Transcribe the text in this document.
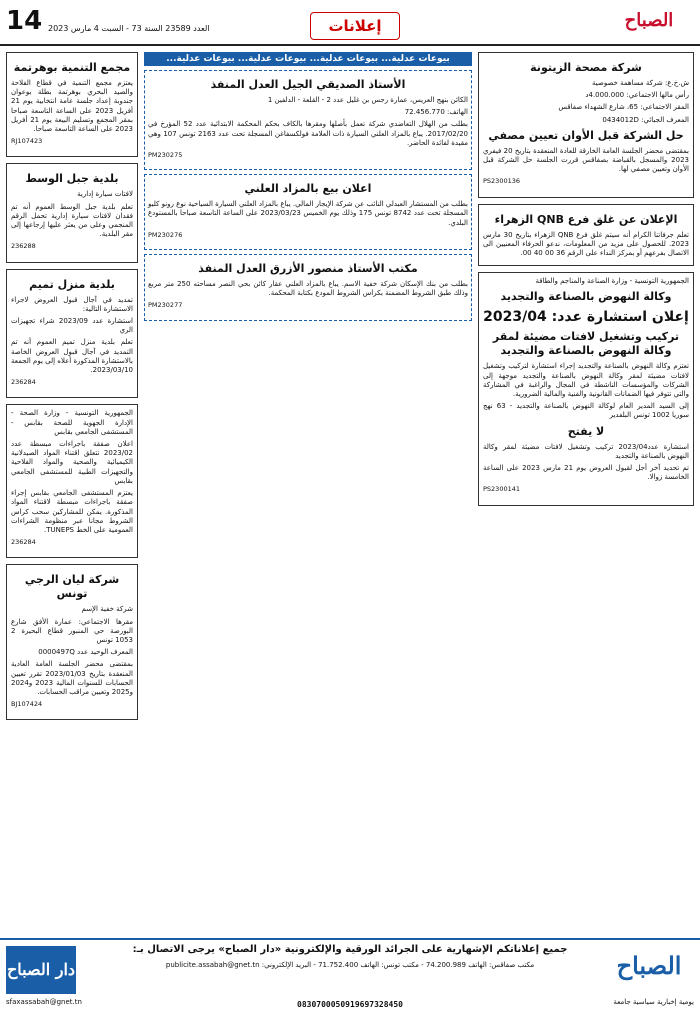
14 العدد 23589 السنة 73 - السبت 4 مارس 2023	إعلانات	الصباح
شركة مصحة الزيتونة

ش.خ.ع: شركة مساهمة خصوصية

رأس مالها الاجتماعي: 4.000.000د

المقر الاجتماعي: 65، شارع الشهداء صفاقس

المعرف الجبائي: 0434012D

حل الشركة قبل الأوان تعيين مصفي

بمقتضى محضر الجلسة العامة الخارقة للعادة المنعقدة بتاريخ 20 فيفري 2023 والمسجل بالقباضة بصفاقس قررت الجلسة حل الشركة قبل الأوان وتعيين مصفي لها.

PS2300136
الإعلان عن غلق فرع QNB الزهراء

تعلم جرفاتنا الكرام أنه سيتم غلق فرع QNB الزهراء بتاريخ 30 مارس 2023. للحصول على مزيد من المعلومات، ندعو الحرفاء المعنيين الى الاتصال بفرعهم أو بمركز النداء على الرقم 36 00 40 00.

الجمهورية التونسية - وزارة الصناعة والمناجم والطاقة

وكالة النهوض بالصناعة والتجديد
إعلان استشارة عدد: 2023/04
تركيب وتشغيل لافتات مضيئة لمقر وكالة النهوض بالصناعة والتجديد

تعتزم وكالة النهوض بالصناعة والتجديد إجراء استشارة لتركيب وتشغيل لافتات مضيئة لمقر وكالة النهوض بالصناعة والتجديد موجهة إلى الشركات والمؤسسات الناشطة في المجال والراغبة في المشاركة والتي تتوفر فيها الضمانات القانونية والفنية والمالية الضرورية.

إلى السيد المدير العام لوكالة النهوض بالصناعة والتجديد - 63 نهج سوريا 1002 تونس البلفدير

لا يفتح

استشارة عدد2023/04 تركيب وتشغيل لافتات مضيئة لمقر وكالة النهوض بالصناعة والتجديد

تم تحديد آخر أجل لقبول العروض يوم 21 مارس 2023 على الساعة الخامسة زوالا.

PS2300141
بيوعات عدلية... بيوعات عدلية... بيوعات عدلية... بيوعات عدلية...
الأستاذ الصديقي الجيل العدل المنفذ

الكائن بنهج العريس، عمارة رجس بن غليل عدد 2 - القلعة - الدلفين 1

الهاتف: 72.456.770

بطلب من الهلال التعاضدي شركة تعمل بأصلها ومقرها بالكاف بحكم المحكمة الابتدائية عدد 52 المؤرخ في 2017/02/20. يباع بالمزاد العلني السيارة ذات العلامة فولكسفاغن المسجلة تحت عدد 2163 تونس 107 وهي مقيدة لفائدة الحاضر.

PM230275
اعلان بيع بالمزاد العلني

بطلب من المستشار العبدلي النائب عن شركة الإيجار المالي. يباع بالمزاد العلني السيارة السياحية نوع رونو كليو المسجلة تحت عدد 8742 تونس 175 وذلك يوم الخميس 2023/03/23 على الساعة التاسعة صباحا بالمستودع البلدي.

PM230276
مكتب الأستاذ منصور الأزرق العدل المنفذ

بطلب من بنك الإسكان شركة خفية الاسم. يباع بالمزاد العلني عقار كائن بحي النصر مساحته 250 متر مربع وذلك طبق الشروط المضمنة بكراس الشروط المودع بكتابة المحكمة.

PM230277
مجمع التنمية بوهرتمة

يعتزم مجمع التنمية في قطاع الفلاحة والصيد البحري بوهرتمة بطلة بوعوان جندوبة إعداد جلسة عامة انتخابية يوم 21 أفريل 2023 على الساعة التاسعة صباحا بمقر المجمع وتسليم البيعة يوم 21 أفريل 2023 على الساعة التاسعة صباحا.

RJ107423
بلدية جبل الوسط

لافتات سيارة إدارية

تعلم بلدية جبل الوسط العموم أنه تم فقدان لافتات سيارة إدارية تحمل الرقم المنجمي وعلى من يعثر عليها إرجاعها إلى مقر البلدية.

236288
بلدية منزل تميم

تمديد في آجال قبول العروض لاجراء الاستشارة التالية:

استشارة عدد 2023/09 شراء تجهيزات الري

تعلم بلدية منزل تميم العموم أنه تم التمديد في آجال قبول العروض الخاصة بالاستشارة المذكورة أعلاه إلى يوم الجمعة 2023/03/10.

236284

الجمهورية التونسية - وزارة الصحة - الإدارة الجهوية للصحة بقابس - المستشفى الجامعي بقابس

اعلان صفقة باجراءات مبسطة عدد 2023/02 تتعلق اقتناء المواد الصيدلانية الكيميائية والصحية والمواد الفلاحية والتجهيزات الطبية للمستشفى الجامعي بقابس

يعتزم المستشفى الجامعي بقابس إجراء صفقة باجراءات مبسطة لاقتناء المواد المذكورة. يمكن للمشاركين سحب كراس الشروط مجانا عبر منظومة الشراءات العمومية على الخط TUNEPS.

236284
شركة ليان الرجي تونس

شركة خفية الإسم

مقرها الاجتماعي: عمارة الأفق شارع البورصة حي المنبور قطاع البحيرة 2 1053 تونس

المعرف الوحيد عدد 0000497Q

بمقتضى محضر الجلسة العامة العادية المنعقدة بتاريخ 2023/01/03 تقرر تعيين الحسابات للسنوات المالية 2023 و2024 و2025 وتعيين مراقب الحسابات.

BJ107424
دار الصباح
جميع إعلاناتكم الإشهارية على الجرائد الورقية والإلكترونية «دار الصباح» يرجى الاتصال بـ:
مكتب صفاقس: الهاتف 74.200.989 - مكتب تونس: الهاتف 71.752.400 - البريد الإلكتروني: publicite.assabah@gnet.tn	الصباح
0830700050919697328450
sfaxassabah@gnet.tn	يومية إخبارية سياسية جامعة
